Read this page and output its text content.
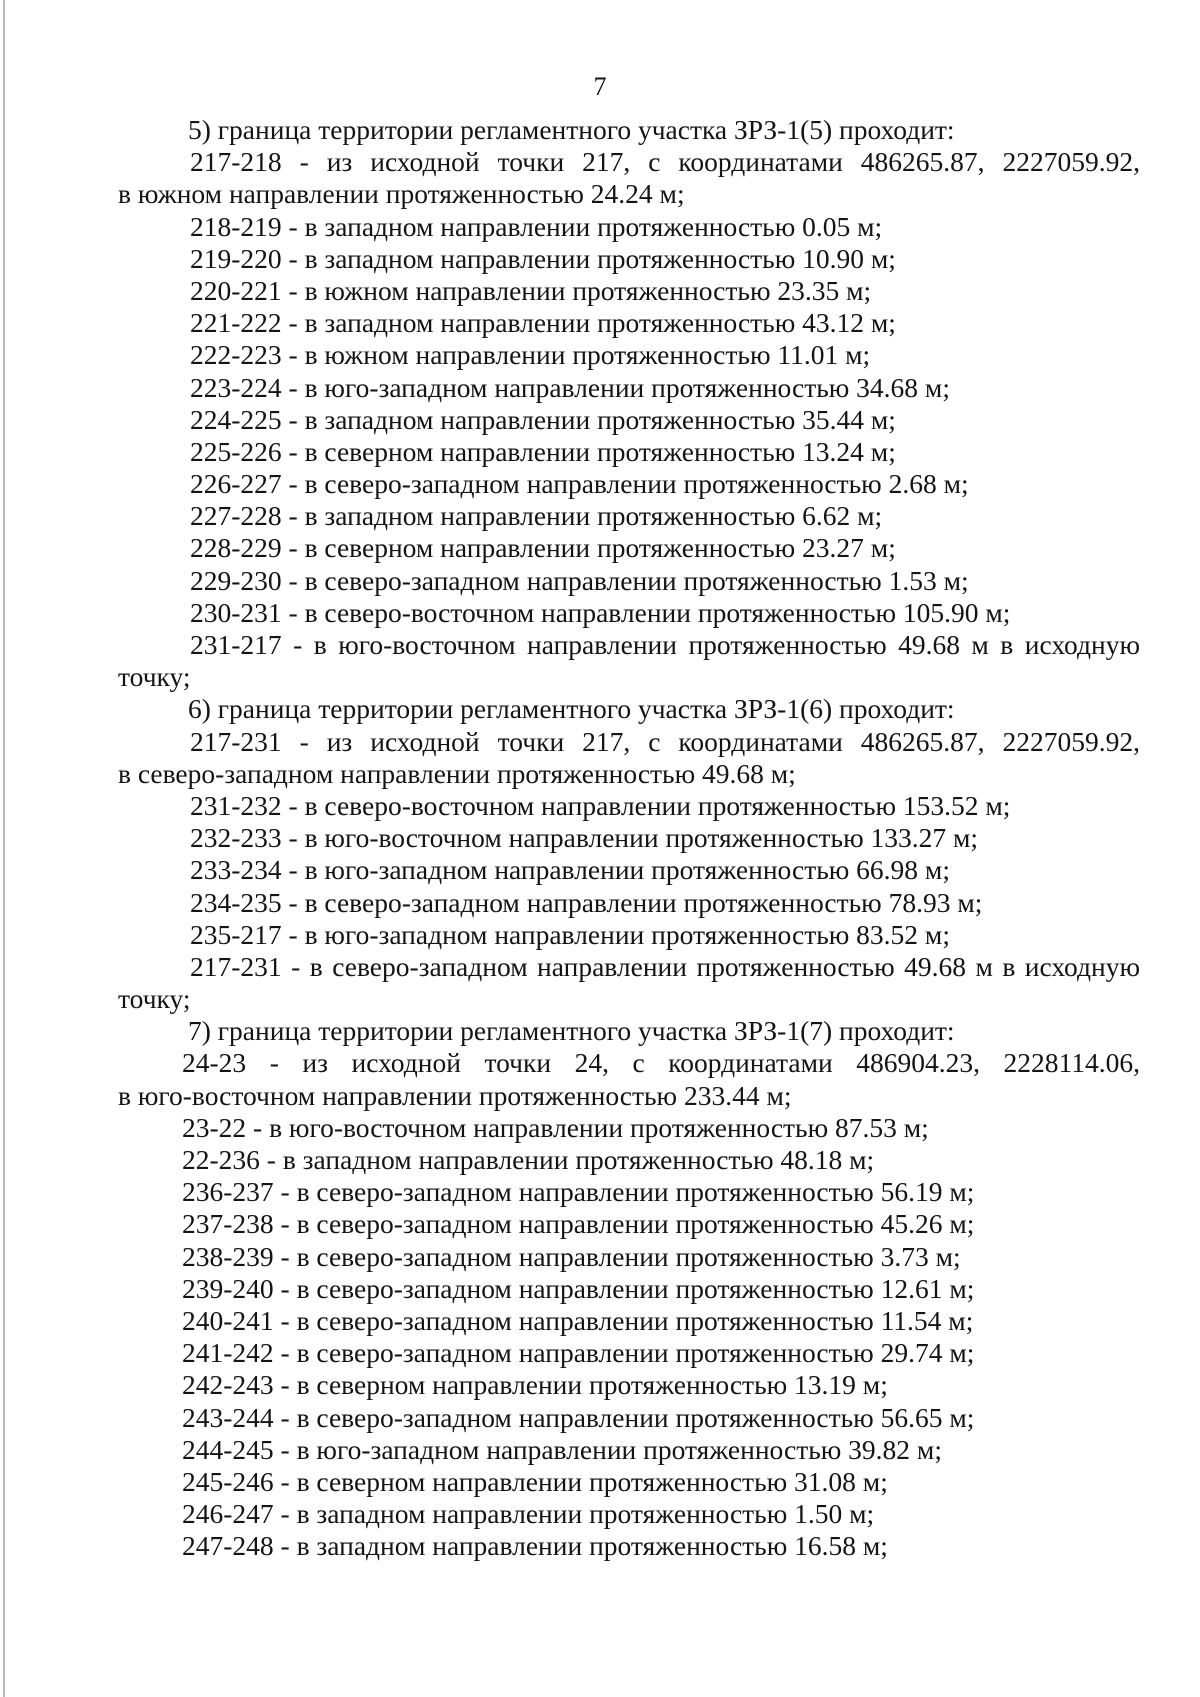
7
5) граница территории регламентного участка ЗРЗ-1(5) проходит:
217-218 - из исходной точки 217, с координатами 486265.87, 2227059.92,
в южном направлении протяженностью 24.24 м;
218-219 - в западном направлении протяженностью 0.05 м;
219-220 - в западном направлении протяженностью 10.90 м;
220-221 - в южном направлении протяженностью 23.35 м;
221-222 - в западном направлении протяженностью 43.12 м;
222-223 - в южном направлении протяженностью 11.01 м;
223-224 - в юго-западном направлении протяженностью 34.68 м;
224-225 - в западном направлении протяженностью 35.44 м;
225-226 - в северном направлении протяженностью 13.24 м;
226-227 - в северо-западном направлении протяженностью 2.68 м;
227-228 - в западном направлении протяженностью 6.62 м;
228-229 - в северном направлении протяженностью 23.27 м;
229-230 - в северо-западном направлении протяженностью 1.53 м;
230-231 - в северо-восточном направлении протяженностью 105.90 м;
231-217 - в юго-восточном направлении протяженностью 49.68 м в исходную
точку;
6) граница территории регламентного участка ЗРЗ-1(6) проходит:
217-231 - из исходной точки 217, с координатами 486265.87, 2227059.92,
в северо-западном направлении протяженностью 49.68 м;
231-232 - в северо-восточном направлении протяженностью 153.52 м;
232-233 - в юго-восточном направлении протяженностью 133.27 м;
233-234 - в юго-западном направлении протяженностью 66.98 м;
234-235 - в северо-западном направлении протяженностью 78.93 м;
235-217 - в юго-западном направлении протяженностью 83.52 м;
217-231 - в северо-западном направлении протяженностью 49.68 м в исходную
точку;
7) граница территории регламентного участка ЗРЗ-1(7) проходит:
24-23 - из исходной точки 24, с координатами 486904.23, 2228114.06,
в юго-восточном направлении протяженностью 233.44 м;
23-22 - в юго-восточном направлении протяженностью 87.53 м;
22-236 - в западном направлении протяженностью 48.18 м;
236-237 - в северо-западном направлении протяженностью 56.19 м;
237-238 - в северо-западном направлении протяженностью 45.26 м;
238-239 - в северо-западном направлении протяженностью 3.73 м;
239-240 - в северо-западном направлении протяженностью 12.61 м;
240-241 - в северо-западном направлении протяженностью 11.54 м;
241-242 - в северо-западном направлении протяженностью 29.74 м;
242-243 - в северном направлении протяженностью 13.19 м;
243-244 - в северо-западном направлении протяженностью 56.65 м;
244-245 - в юго-западном направлении протяженностью 39.82 м;
245-246 - в северном направлении протяженностью 31.08 м;
246-247 - в западном направлении протяженностью 1.50 м;
247-248 - в западном направлении протяженностью 16.58 м;
